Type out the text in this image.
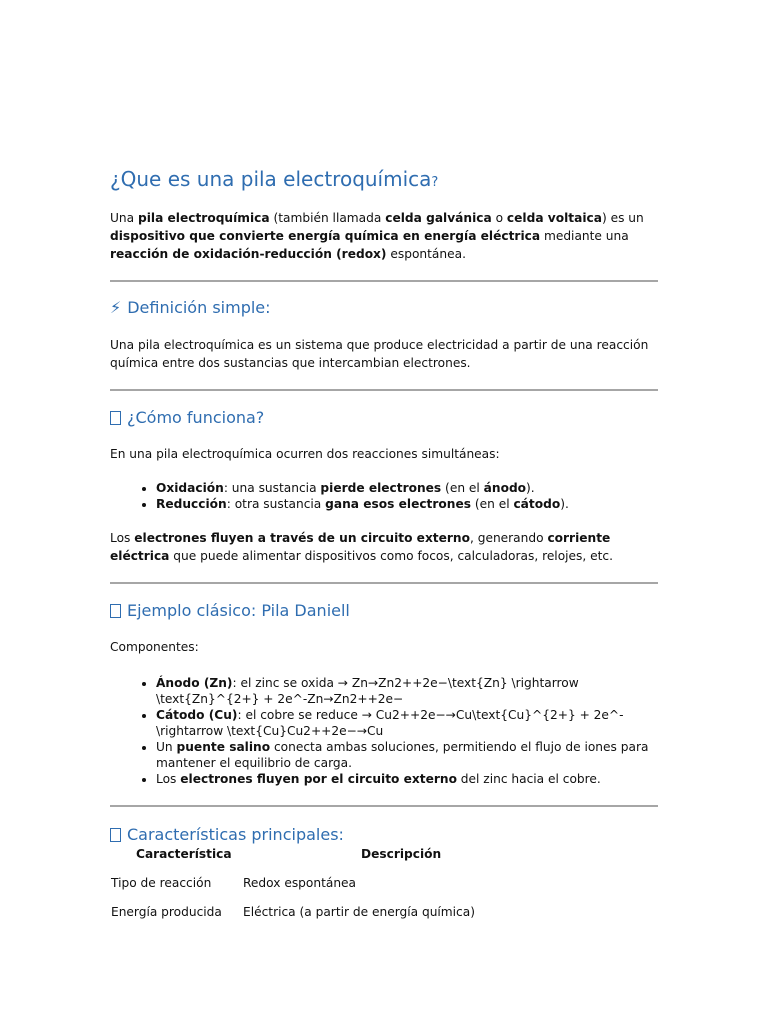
¿Que es una pila electroquímica?
Una pila electroquímica (también llamada celda galvánica o celda voltaica) es un dispositivo que convierte energía química en energía eléctrica mediante una reacción de oxidación-reducción (redox) espontánea.
⚡ Definición simple:
Una pila electroquímica es un sistema que produce electricidad a partir de una reacción química entre dos sustancias que intercambian electrones.
¿Cómo funciona?
En una pila electroquímica ocurren dos reacciones simultáneas:
• Oxidación: una sustancia pierde electrones (en el ánodo).
• Reducción: otra sustancia gana esos electrones (en el cátodo).
Los electrones fluyen a través de un circuito externo, generando corriente eléctrica que puede alimentar dispositivos como focos, calculadoras, relojes, etc.
Ejemplo clásico: Pila Daniell
Componentes:
• Ánodo (Zn): el zinc se oxida → Zn→Zn2++2e−\text{Zn} \rightarrow \text{Zn}^{2+} + 2e^-Zn→Zn2++2e−
• Cátodo (Cu): el cobre se reduce → Cu2++2e−→Cu\text{Cu}^{2+} + 2e^- \rightarrow \text{Cu}Cu2++2e−→Cu
• Un puente salino conecta ambas soluciones, permitiendo el flujo de iones para mantener el equilibrio de carga.
• Los electrones fluyen por el circuito externo del zinc hacia el cobre.
Características principales:
Característica	Descripción
Tipo de reacción	Redox espontánea
Energía producida Eléctrica (a partir de energía química)
